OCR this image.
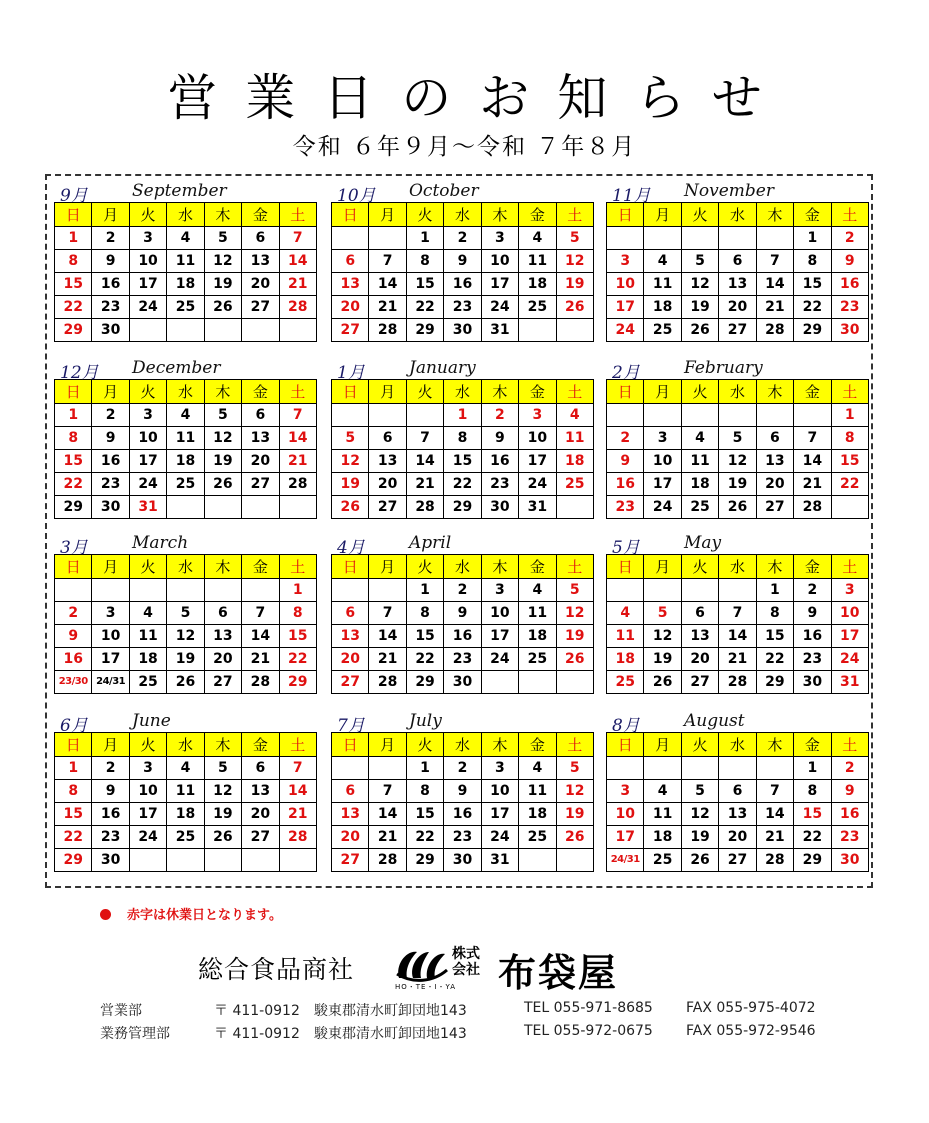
営業日のお知らせ
令和 ６年９月～令和 ７年８月
9月	September
日	月	火	水	木	金	土
1	2	3	4	5	6	7
8	9	10	11	12	13	14
15	16	17	18	19	20	21
22	23	24	25	26	27	28
29	30					
10月 October
日	月	火	水	木	金	土
		1	2	3	4	5
6	7	8	9	10	11	12
13	14	15	16	17	18	19
20	21	22	23	24	25	26
27	28	29	30	31		
11月 November
日	月	火	水	木	金	土
					1	2
3	4	5	6	7	8	9
10	11	12	13	14	15	16
17	18	19	20	21	22	23
24	25	26	27	28	29	30
12月 December
日	月	火	水	木	金	土
1	2	3	4	5	6	7
8	9	10	11	12	13	14
15	16	17	18	19	20	21
22	23	24	25	26	27	28
29	30	31				
1月	January
日	月	火	水	木	金	土
			1	2	3	4
5	6	7	8	9	10	11
12	13	14	15	16	17	18
19	20	21	22	23	24	25
26	27	28	29	30	31	
2月	February
日	月	火	水	木	金	土
						1
2	3	4	5	6	7	8
9	10	11	12	13	14	15
16	17	18	19	20	21	22
23	24	25	26	27	28	
3月	March
日	月	火	水	木	金	土
						1
2	3	4	5	6	7	8
9	10	11	12	13	14	15
16	17	18	19	20	21	22
23/30	24/31	25	26	27	28	29
4月	April
日	月	火	水	木	金	土
		1	2	3	4	5
6	7	8	9	10	11	12
13	14	15	16	17	18	19
20	21	22	23	24	25	26
27	28	29	30			
5月	May
日	月	火	水	木	金	土
				1	2	3
4	5	6	7	8	9	10
11	12	13	14	15	16	17
18	19	20	21	22	23	24
25	26	27	28	29	30	31
6月	June
日	月	火	水	木	金	土
1	2	3	4	5	6	7
8	9	10	11	12	13	14
15	16	17	18	19	20	21
22	23	24	25	26	27	28
29	30					
7月	July
日	月	火	水	木	金	土
		1	2	3	4	5
6	7	8	9	10	11	12
13	14	15	16	17	18	19
20	21	22	23	24	25	26
27	28	29	30	31		
8月	August
日	月	火	水	木	金	土
					1	2
3	4	5	6	7	8	9
10	11	12	13	14	15	16
17	18	19	20	21	22	23
24/31	25	26	27	28	29	30
赤字は休業日となります。
総合食品商社
HO・TE・I・YA
株式会社 布袋屋
営業部	〒 411-0912 駿東郡清水町卸団地143	TEL 055-971-8685 FAX 055-975-4072
業務管理部	〒 411-0912 駿東郡清水町卸団地143	TEL 055-972-0675 FAX 055-972-9546
